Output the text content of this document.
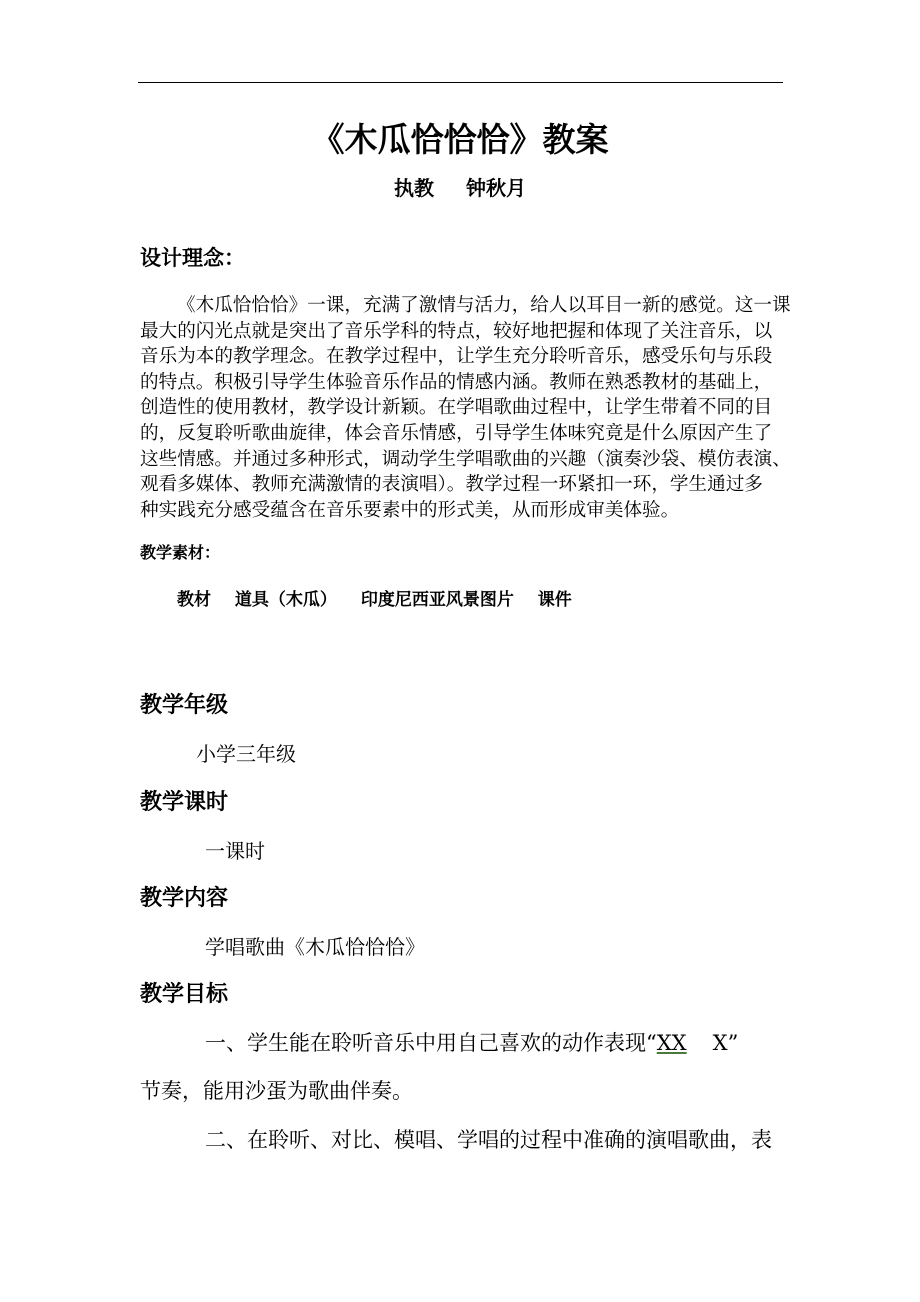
《木瓜恰恰恰》教案
执教 钟秋月
设计理念：
《木瓜恰恰恰》一课，充满了激情与活力，给人以耳目一新的感觉。这一课
最大的闪光点就是突出了音乐学科的特点，较好地把握和体现了关注音乐，以
音乐为本的教学理念。在教学过程中，让学生充分聆听音乐，感受乐句与乐段
的特点。积极引导学生体验音乐作品的情感内涵。教师在熟悉教材的基础上，
创造性的使用教材，教学设计新颖。在学唱歌曲过程中，让学生带着不同的目
的，反复聆听歌曲旋律，体会音乐情感，引导学生体味究竟是什么原因产生了
这些情感。并通过多种形式，调动学生学唱歌曲的兴趣（演奏沙袋、模仿表演、
观看多媒体、教师充满激情的表演唱）。教学过程一环紧扣一环，学生通过多
种实践充分感受蕴含在音乐要素中的形式美，从而形成审美体验。
教学素材：
教材 道具（木瓜） 印度尼西亚风景图片 课件
教学年级
小学三年级
教学课时
一课时
教学内容
学唱歌曲《木瓜恰恰恰》
教学目标
一、学生能在聆听音乐中用自己喜欢的动作表现“XX X”
节奏，能用沙蛋为歌曲伴奏。
二、在聆听、对比、模唱、学唱的过程中准确的演唱歌曲，表
